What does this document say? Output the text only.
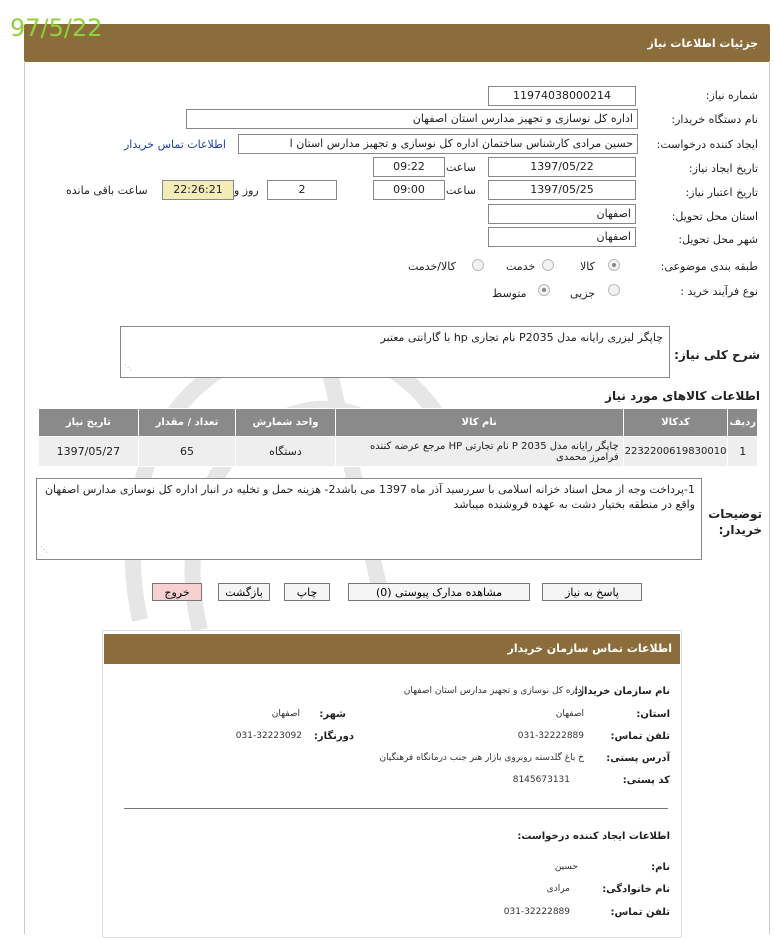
جزئیات اطلاعات نیاز
97/5/22
شماره نیاز:
11974038000214
نام دستگاه خریدار:
اداره کل نوسازی و تجهیز مدارس استان اصفهان
ایجاد کننده درخواست:
حسین مرادی کارشناس ساختمان اداره کل نوسازی و تجهیز مدارس استان ا
اطلاعات تماس خریدار
تاریخ ایجاد نیاز:
1397/05/22
ساعت
09:22
تاریخ اعتبار نیاز:
1397/05/25
ساعت
09:00
2
روز و
22:26:21
ساعت باقی مانده
استان محل تحویل:
اصفهان
شهر محل تحویل:
اصفهان
طبقه بندی موضوعی:
کالا
خدمت
کالا/خدمت
نوع فرآیند خرید :
جزیی
متوسط
شرح کلی نیاز:
چاپگر لیزری رایانه مدل P2035 نام تجاری hp با گارانتی معتبر
⋰
اطلاعات کالاهای مورد نیاز
ردیف	کدکالا	نام کالا	واحد شمارش	تعداد / مقدار	تاریخ نیاز
1	2232200619830010	چاپگر رایانه مدل P 2035 نام تجارتی HP مرجع عرضه کننده فرامرز محمدی	دستگاه	65	1397/05/27
توضیحات خریدار:
1-پرداخت وجه از محل اسناد خزانه اسلامی با سررسید آذر ماه 1397 می باشد2- هزینه حمل و تخلیه در انبار اداره کل نوسازی مدارس اصفهان واقع در منطقه بختیار دشت به عهده فروشنده میباشد
⋰
پاسخ به نیاز
مشاهده مدارک پیوستی (0)
چاپ
بازگشت
خروج
اطلاعات تماس سازمان خریدار
نام سازمان خریدار:
اداره کل نوسازی و تجهیز مدارس استان اصفهان
استان:
اصفهان
شهر:
اصفهان
تلفن تماس:
031-32222889
دورنگار:
031-32223092
آدرس پستی:
خ باغ گلدسته روبروی بازار هنر جنب درمانگاه فرهنگیان
کد پستی:
8145673131
اطلاعات ایجاد کننده درخواست:
نام:
حسین
نام خانوادگی:
مرادی
تلفن تماس:
031-32222889
